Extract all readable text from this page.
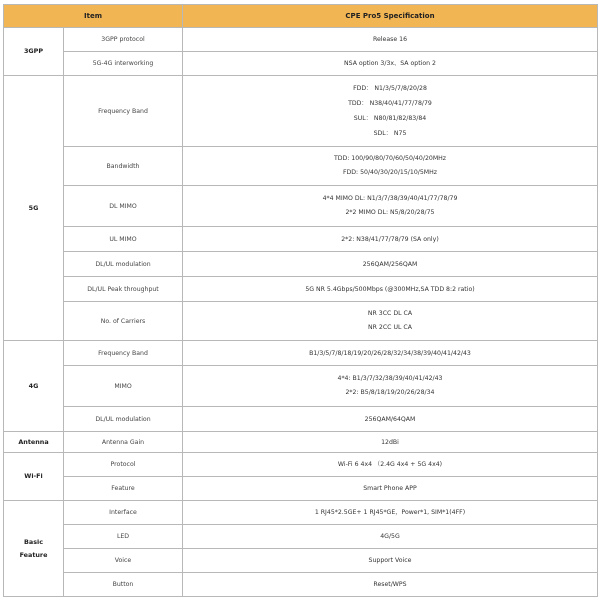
Item		CPE Pro5 Specification
3GPP	3GPP protocol	Release 16

	5G-4G interworking	NSA option 3/3x、SA option 2

5G	Frequency Band	FDD： N1/3/5/7/8/20/28
TDD： N38/40/41/77/78/79
SUL： N80/81/82/83/84
SDL： N75

	Bandwidth	TDD: 100/90/80/70/60/50/40/20MHz
FDD: 50/40/30/20/15/10/5MHz

	DL MIMO	4*4 MIMO DL: N1/3/7/38/39/40/41/77/78/79
2*2 MIMO DL: N5/8/20/28/75

	UL MIMO	2*2: N38/41/77/78/79 (SA only)

	DL/UL modulation	256QAM/256QAM

	DL/UL Peak throughput	5G NR 5.4Gbps/500Mbps (@300MHz,SA TDD 8:2 ratio)

	No. of Carriers	NR 3CC DL CA
NR 2CC UL CA

4G	Frequency Band	B1/3/5/7/8/18/19/20/26/28/32/34/38/39/40/41/42/43

	MIMO	4*4: B1/3/7/32/38/39/40/41/42/43
2*2: B5/8/18/19/20/26/28/34

	DL/UL modulation	256QAM/64QAM

Antenna	Antenna Gain	12dBi

Wi-Fi	Protocol	Wi-Fi 6 4x4 （2.4G 4x4 + 5G 4x4)

	Feature	Smart Phone APP

Basic
Feature	Interface	1 RJ45*2.5GE+ 1 RJ45*GE，Power*1, SIM*1(4FF)

	LED	4G/5G

	Voice	Support Voice

	Button	Reset/WPS
